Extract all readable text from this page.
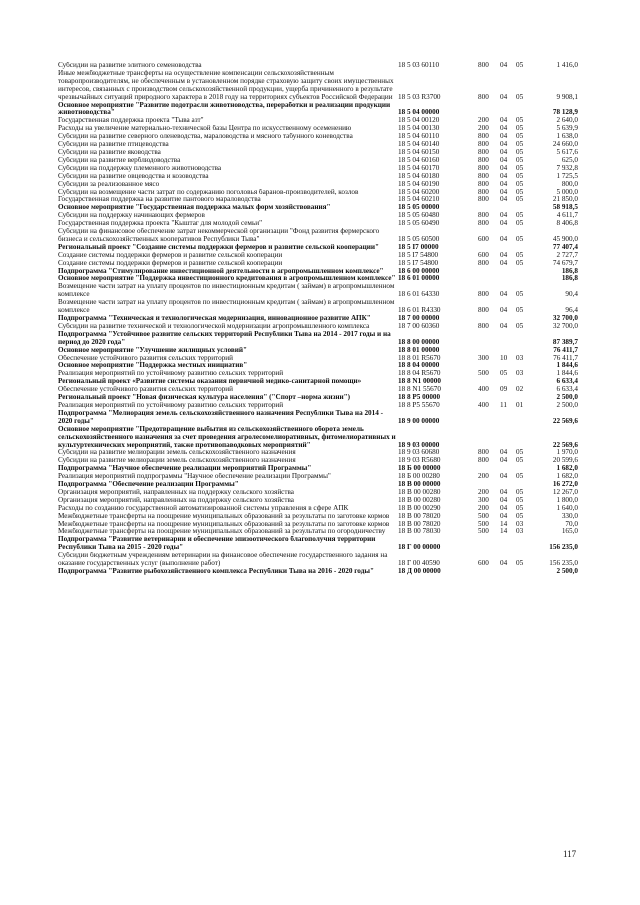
Субсидии на развитие элитного семеноводства	18 5 03 60110	800	04	05	1 416,0
Иные межбюджетные трансферты на осуществление компенсации сельскохозяйственным товаропроизводителям, не обеспеченным в установленном порядке страховую защиту своих имущественных интересов, связанных с производством сельскохозяйственной продукции, ущерба причиненного в результате чрезвычайных ситуаций природного характера в 2018 году на территориях субъектов Российской Федерации	18 5 03 R3700	800	04	05	9 908,1
Основное мероприятие "Развитие подотрасли животноводства, переработки и реализации продукции животноводства"	18 5 04 00000				78 128,9
Государственная поддержка проекта "Тыва азт"	18 5 04 00120	200	04	05	2 640,0
Расходы на увеличение материально-технической базы Центра по искусственному осеменению	18 5 04 00130	200	04	05	5 639,9
Субсидии на развитие северного оленеводства, мараловодства и мясного табунного коневодства	18 5 04 60110	800	04	05	1 638,0
Субсидии на развитие птицеводства	18 5 04 60140	800	04	05	24 660,0
Субсидии на развитие яководства	18 5 04 60150	800	04	05	5 617,6
Субсидии на развитие верблюдоводства	18 5 04 60160	800	04	05	625,0
Субсидии на поддержку племенного животноводства	18 5 04 60170	800	04	05	7 932,8
Субсидии на развитие овцеводства и козоводства	18 5 04 60180	800	04	05	1 725,5
Субсидии за реализованное мясо	18 5 04 60190	800	04	05	800,0
Субсидии на возмещение части затрат по содержанию поголовья баранов-производителей, козлов	18 5 04 60200	800	04	05	5 000,0
Государственная поддержка на развитие пантового мараловодства	18 5 04 60210	800	04	05	21 850,0
Основное мероприятие "Государственная поддержка малых форм хозяйствования"	18 5 05 00000				58 918,5
Субсидии на поддержку начинающих фермеров	18 5 05 60480	800	04	05	4 611,7
Государственная поддержка проекта "Кыштаг для молодой семьи"	18 5 05 60490	800	04	05	8 406,8
Субсидии на финансовое обеспечение затрат некоммерческой организации "Фонд развития фермерского бизнеса и сельскохозяйственных кооперативов Республики Тыва"	18 5 05 60500	600	04	05	45 900,0
Региональный проект "Создание системы поддержки фермеров и развитие сельской кооперации"	18 5 I7 00000				77 407,4
Создание системы поддержки фермеров и развитие сельской кооперации	18 5 I7 54800	600	04	05	2 727,7
Создание системы поддержки фермеров и развитие сельской кооперации	18 5 I7 54800	800	04	05	74 679,7
Подпрограмма "Стимулирование инвестиционной деятельности в агропромышленном комплексе"	18 6 00 00000				186,8
Основное мероприятие "Поддержка инвестиционного кредитования в агропромышленном комплексе"	18 6 01 00000				186,8
Возмещение части затрат на уплату процентов по инвестиционным кредитам ( займам) в агропромышленном комплексе	18 6 01 64330	800	04	05	90,4
Возмещение части затрат на уплату процентов по инвестиционным кредитам ( займам) в агропромышленном комплексе	18 6 01 R4330	800	04	05	96,4
Подпрограмма "Техническая и технологическая модернизация, инновационное развитие АПК"	18 7 00 00000				32 700,0
Субсидии на развитие технической и технологической модернизации агропромышленного комплекса	18 7 00 60360	800	04	05	32 700,0
Подпрограмма "Устойчивое развитие сельских территорий Республики Тыва на 2014 - 2017 годы и на период до 2020 года"	18 8 00 00000				87 389,7
Основное мероприятие "Улучшение жилищных условий"	18 8 01 00000				76 411,7
Обеспечение устойчивого развития сельских территорий	18 8 01 R5670	300	10	03	76 411,7
Основное мероприятие "Поддержка местных инициатив"	18 8 04 00000				1 844,6
Реализация мероприятий по устойчивому развитию сельских территорий	18 8 04 R5670	500	05	03	1 844,6
Региональный проект «Развитие системы оказания первичной медико-санитарной помощи»	18 8 N1 00000				6 633,4
Обеспечение устойчивого развития сельских территорий	18 8 N1 55670	400	09	02	6 633,4
Региональный проект "Новая физическая культура населения" ("Спорт –норма жизни")	18 8 P5 00000				2 500,0
Реализация мероприятий по устойчивому развитию сельских территорий	18 8 P5 55670	400	11	01	2 500,0
Подпрограмма "Мелиорация земель сельскохозяйственного назначения Республики Тыва на 2014 - 2020 годы"	18 9 00 00000				22 569,6
Основное мероприятие "Предотвращение выбытия из сельскохозяйственного оборота земель сельскохозяйственного назначения за счет проведения агролесомелиоративных, фитомелиоративных и культуртехнических мероприятий, также противопаводковых мероприятий"	18 9 03 00000				22 569,6
Субсидии на развитие мелиорации земель сельскохозяйственного назначения	18 9 03 60680	800	04	05	1 970,0
Субсидии на развитие мелиорации земель сельскохозяйственного назначения	18 9 03 R5680	800	04	05	20 599,6
Подпрограмма "Научное обеспечение реализации мероприятий Программы"	18 Б 00 00000				1 682,0
Реализация мероприятий подпрограммы "Научное обеспечение реализации Программы"	18 Б 00 00280	200	04	05	1 682,0
Подпрограмма "Обеспечение реализации Программы"	18 В 00 00000				16 272,0
Организация мероприятий, направленных на поддержку сельского хозяйства	18 В 00 00280	200	04	05	12 267,0
Организация мероприятий, направленных на поддержку сельского хозяйства	18 В 00 00280	300	04	05	1 800,0
Расходы по созданию государственной автоматизированной системы управления в сфере АПК	18 В 00 00290	200	04	05	1 640,0
Межбюджетные трансферты на поощрение муниципальных образований за результаты по заготовке кормов	18 В 00 78020	500	04	05	330,0
Межбюджетные трансферты на поощрение муниципальных образований за результаты по заготовке кормов	18 В 00 78020	500	14	03	70,0
Межбюджетные трансферты на поощрение муниципальных образований за результаты по огородничеству	18 В 00 78030	500	14	03	165,0
Подпрограмма "Развитие ветеринарии и обеспечение эпизоотического благополучия территории Республики Тыва на 2015 - 2020 годы"	18 Г 00 00000				156 235,0
Субсидии бюджетным учреждениям ветеринарии на финансовое обеспечение государственного задания на оказание государственных услуг (выполнение работ)	18 Г 00 40590	600	04	05	156 235,0
Подпрограмма "Развитие рыбохозяйственного комплекса Республики Тыва на 2016 - 2020 годы"	18 Д 00 00000				2 500,0
117
